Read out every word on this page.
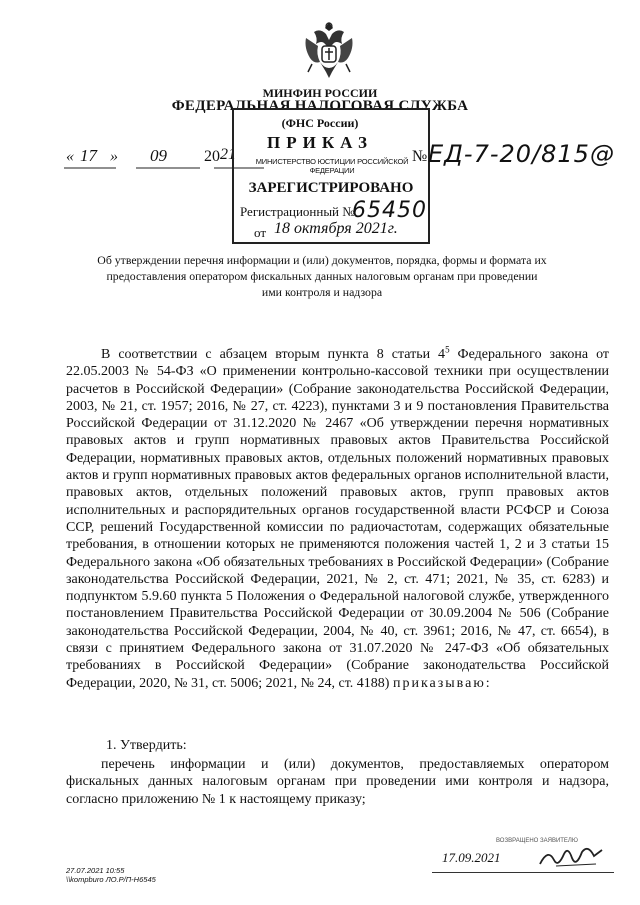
МИНФИН РОССИИ
ФЕДЕРАЛЬНАЯ НАЛОГОВАЯ СЛУЖБА
(ФНС России)
ПРИКАЗ
« 17 » 09 20 21	№
МИНИСТЕРСТВО ЮСТИЦИИ РОССИЙСКОЙ ФЕДЕРАЦИИ
ЗАРЕГИСТРИРОВАНО
Регистрационный №
65450
от 18 октября 2021г.
ЕД-7-20/815@
Об утверждении перечня информации и (или) документов, порядка, формы и формата их предоставления оператором фискальных данных налоговым органам при проведении ими контроля и надзора
В соответствии с абзацем вторым пункта 8 статьи $4^5$ Федерального закона от 22.05.2003 № 54-ФЗ «О применении контрольно-кассовой техники при осуществлении расчетов в Российской Федерации» (Собрание законодательства Российской Федерации, 2003, № 21, ст. 1957; 2016, № 27, ст. 4223), пунктами 3 и 9 постановления Правительства Российской Федерации от 31.12.2020 № 2467 «Об утверждении перечня нормативных правовых актов и групп нормативных правовых актов Правительства Российской Федерации, нормативных правовых актов, отдельных положений нормативных правовых актов и групп нормативных правовых актов федеральных органов исполнительной власти, правовых актов, отдельных положений правовых актов, групп правовых актов исполнительных и распорядительных органов государственной власти РСФСР и Союза ССР, решений Государственной комиссии по радиочастотам, содержащих обязательные требования, в отношении которых не применяются положения частей 1, 2 и 3 статьи 15 Федерального закона «Об обязательных требованиях в Российской Федерации» (Собрание законодательства Российской Федерации, 2021, № 2, ст. 471; 2021, № 35, ст. 6283) и подпунктом 5.9.60 пункта 5 Положения о Федеральной налоговой службе, утвержденного постановлением Правительства Российской Федерации от 30.09.2004 № 506 (Собрание законодательства Российской Федерации, 2004, № 40, ст. 3961; 2016, № 47, ст. 6654), в связи с принятием Федерального закона от 31.07.2020 № 247-ФЗ «Об обязательных требованиях в Российской Федерации» (Собрание законодательства Российской Федерации, 2020, № 31, ст. 5006; 2021, № 24, ст. 4188) приказываю:
1. Утвердить:
перечень информации и (или) документов, предоставляемых оператором фискальных данных налоговым органам при проведении ими контроля и надзора, согласно приложению № 1 к настоящему приказу;
27.07.2021 10:55
\\kompburo ЛО.Р/П-Н6545
ВОЗВРАЩЕНО ЗАЯВИТЕЛЮ
17.09.2021
